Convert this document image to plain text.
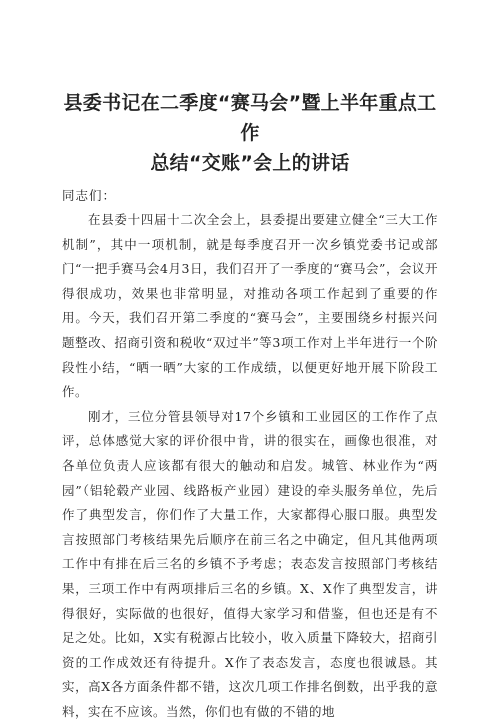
县委书记在二季度“赛马会”暨上半年重点工作
总结“交账”会上的讲话

同志们：

在县委十四届十二次全会上，县委提出要建立健全“三大工作机制”，其中一项机制，就是每季度召开一次乡镇党委书记或部门“一把手赛马会4月3日，我们召开了一季度的“赛马会”，会议开得很成功，效果也非常明显，对推动各项工作起到了重要的作用。今天，我们召开第二季度的“赛马会”，主要围绕乡村振兴问题整改、招商引资和税收“双过半”等3项工作对上半年进行一个阶段性小结，“晒一晒”大家的工作成绩，以便更好地开展下阶段工作。

刚才，三位分管县领导对17个乡镇和工业园区的工作作了点评，总体感觉大家的评价很中肯，讲的很实在，画像也很准，对各单位负责人应该都有很大的触动和启发。城管、林业作为“两园”（铝轮毂产业园、线路板产业园）建设的牵头服务单位，先后作了典型发言，你们作了大量工作，大家都得心服口服。典型发言按照部门考核结果先后顺序在前三名之中确定，但凡其他两项工作中有排在后三名的乡镇不予考虑；表态发言按照部门考核结果，三项工作中有两项排后三名的乡镇。X、X作了典型发言，讲得很好，实际做的也很好，值得大家学习和借鉴，但也还是有不足之处。比如，X实有税源占比较小，收入质量下降较大，招商引资的工作成效还有待提升。X作了表态发言，态度也很诚恳。其实，高X各方面条件都不错，这次几项工作排名倒数，出乎我的意料，实在不应该。当然，你们也有做的不错的地
